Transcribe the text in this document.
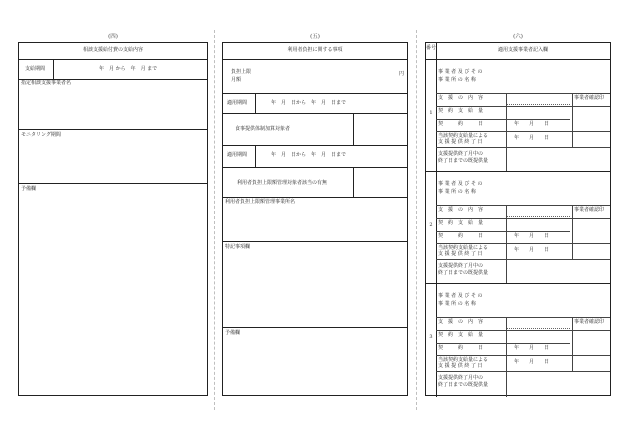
(四)	(五)	(六)
相談支援給付費の支給内容
支給期間	年　月 から　年　月 まで
指定相談支援事業者名
モニタリング期間
予備欄
利用者負担に関する事項
負担上限
月額
円
適用期間	年　月　日から　年　月　日まで
食事提供体制加算対象者
適用期間	年　月　日から　年　月　日まで
利用者負担上限額管理対象者該当の有無
利用者負担上限額管理事業所名
特記事項欄
予備欄
番号	適用支援事業者記入欄
1
事 業 者 及 び そ の
事 業 所 の 名 称
支　援　の　内　容	事業者確認印
契　約　支　給　量
契　　　約　　　日	年　　月　　日
当該契約支給量による
支 援 提 供 終 了 日
年　　月　　日
支援提供終了月中の
終了日までの既提供量
2
事 業 者 及 び そ の
事 業 所 の 名 称
支　援　の　内　容	事業者確認印
契　約　支　給　量
契　　　約　　　日	年　　月　　日
当該契約支給量による
支 援 提 供 終 了 日
年　　月　　日
支援提供終了月中の
終了日までの既提供量
3
事 業 者 及 び そ の
事 業 所 の 名 称
支　援　の　内　容	事業者確認印
契　約　支　給　量
契　　　約　　　日	年　　月　　日
当該契約支給量による
支 援 提 供 終 了 日
年　　月　　日
支援提供終了月中の
終了日までの既提供量
